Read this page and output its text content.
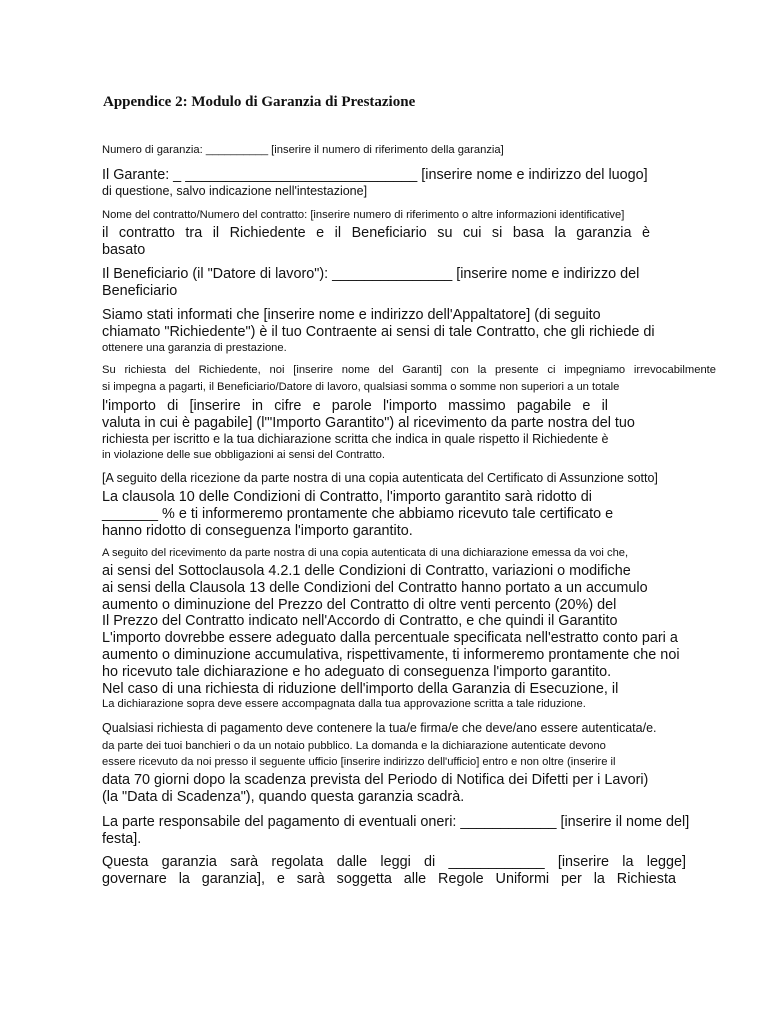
Appendice 2: Modulo di Garanzia di Prestazione

Numero di garanzia: __________ [inserire il numero di riferimento della garanzia]

Il Garante: _ _____________________________ [inserire nome e indirizzo del luogo]

di questione, salvo indicazione nell'intestazione]

Nome del contratto/Numero del contratto: [inserire numero di riferimento o altre informazioni identificative]

il contratto tra il Richiedente e il Beneficiario su cui si basa la garanzia è

basato

Il Beneficiario (il "Datore di lavoro"): _______________ [inserire nome e indirizzo del

Beneficiario

Siamo stati informati che [inserire nome e indirizzo dell'Appaltatore] (di seguito

chiamato "Richiedente") è il tuo Contraente ai sensi di tale Contratto, che gli richiede di

ottenere una garanzia di prestazione.

Su richiesta del Richiedente, noi [inserire nome del Garanti] con la presente ci impegniamo irrevocabilmente

si impegna a pagarti, il Beneficiario/Datore di lavoro, qualsiasi somma o somme non superiori a un totale

l'importo di [inserire in cifre e parole l'importo massimo pagabile e il

valuta in cui è pagabile] (l'"Importo Garantito") al ricevimento da parte nostra del tuo

richiesta per iscritto e la tua dichiarazione scritta che indica in quale rispetto il Richiedente è

in violazione delle sue obbligazioni ai sensi del Contratto.

[A seguito della ricezione da parte nostra di una copia autenticata del Certificato di Assunzione sotto]

La clausola 10 delle Condizioni di Contratto, l'importo garantito sarà ridotto di

_______ % e ti informeremo prontamente che abbiamo ricevuto tale certificato e

hanno ridotto di conseguenza l'importo garantito.

A seguito del ricevimento da parte nostra di una copia autenticata di una dichiarazione emessa da voi che,

ai sensi del Sottoclausola 4.2.1 delle Condizioni di Contratto, variazioni o modifiche

ai sensi della Clausola 13 delle Condizioni del Contratto hanno portato a un accumulo

aumento o diminuzione del Prezzo del Contratto di oltre venti percento (20%) del

Il Prezzo del Contratto indicato nell'Accordo di Contratto, e che quindi il Garantito

L'importo dovrebbe essere adeguato dalla percentuale specificata nell'estratto conto pari a

aumento o diminuzione accumulativa, rispettivamente, ti informeremo prontamente che noi

ho ricevuto tale dichiarazione e ho adeguato di conseguenza l'importo garantito.

Nel caso di una richiesta di riduzione dell'importo della Garanzia di Esecuzione, il

La dichiarazione sopra deve essere accompagnata dalla tua approvazione scritta a tale riduzione.

Qualsiasi richiesta di pagamento deve contenere la tua/e firma/e che deve/ano essere autenticata/e.

da parte dei tuoi banchieri o da un notaio pubblico. La domanda e la dichiarazione autenticate devono

essere ricevuto da noi presso il seguente ufficio [inserire indirizzo dell'ufficio] entro e non oltre (inserire il

data 70 giorni dopo la scadenza prevista del Periodo di Notifica dei Difetti per i Lavori)

(la "Data di Scadenza"), quando questa garanzia scadrà.

La parte responsabile del pagamento di eventuali oneri: ____________ [inserire il nome del]

festa].

Questa garanzia sarà regolata dalle leggi di ____________ [inserire la legge]

governare la garanzia], e sarà soggetta alle Regole Uniformi per la Richiesta
